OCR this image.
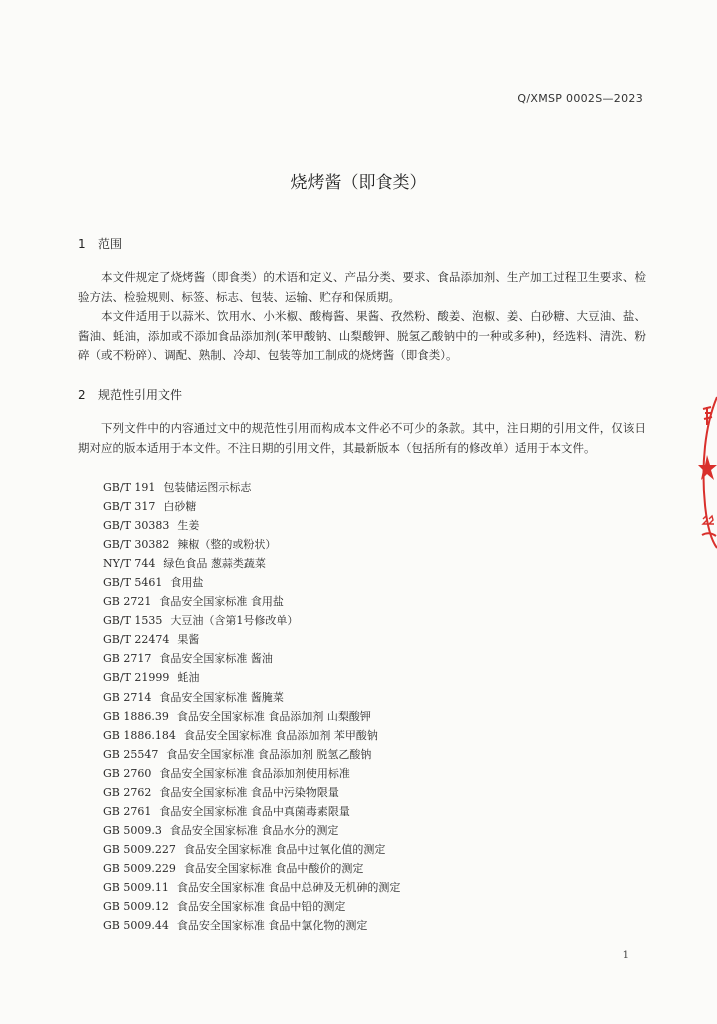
Q/XMSP 0002S—2023
烧烤酱（即食类）
1 范围

本文件规定了烧烤酱（即食类）的术语和定义、产品分类、要求、食品添加剂、生产加工过程卫生要求、检验方法、检验规则、标签、标志、包装、运输、贮存和保质期。

本文件适用于以蒜米、饮用水、小米椒、酸梅酱、果酱、孜然粉、酸姜、泡椒、姜、白砂糖、大豆油、盐、酱油、蚝油，添加或不添加食品添加剂(苯甲酸钠、山梨酸钾、脱氢乙酸钠中的一种或多种)，经选料、清洗、粉碎（或不粉碎）、调配、熟制、冷却、包装等加工制成的烧烤酱（即食类）。

2 规范性引用文件

下列文件中的内容通过文中的规范性引用而构成本文件必不可少的条款。其中，注日期的引用文件，仅该日期对应的版本适用于本文件。不注日期的引用文件，其最新版本（包括所有的修改单）适用于本文件。

GB/T 191 包装储运图示标志
GB/T 317 白砂糖
GB/T 30383 生姜
GB/T 30382 辣椒（整的或粉状）
NY/T 744 绿色食品 葱蒜类蔬菜
GB/T 5461 食用盐
GB 2721 食品安全国家标准 食用盐
GB/T 1535 大豆油（含第1号修改单）
GB/T 22474 果酱
GB 2717 食品安全国家标准 酱油
GB/T 21999 蚝油
GB 2714 食品安全国家标准 酱腌菜
GB 1886.39 食品安全国家标准 食品添加剂 山梨酸钾
GB 1886.184 食品安全国家标准 食品添加剂 苯甲酸钠
GB 25547 食品安全国家标准 食品添加剂 脱氢乙酸钠
GB 2760 食品安全国家标准 食品添加剂使用标准
GB 2762 食品安全国家标准 食品中污染物限量
GB 2761 食品安全国家标准 食品中真菌毒素限量
GB 5009.3 食品安全国家标准 食品水分的测定
GB 5009.227 食品安全国家标准 食品中过氧化值的测定
GB 5009.229 食品安全国家标准 食品中酸价的测定
GB 5009.11 食品安全国家标准 食品中总砷及无机砷的测定
GB 5009.12 食品安全国家标准 食品中铅的测定
GB 5009.44 食品安全国家标准 食品中氯化物的测定
1
